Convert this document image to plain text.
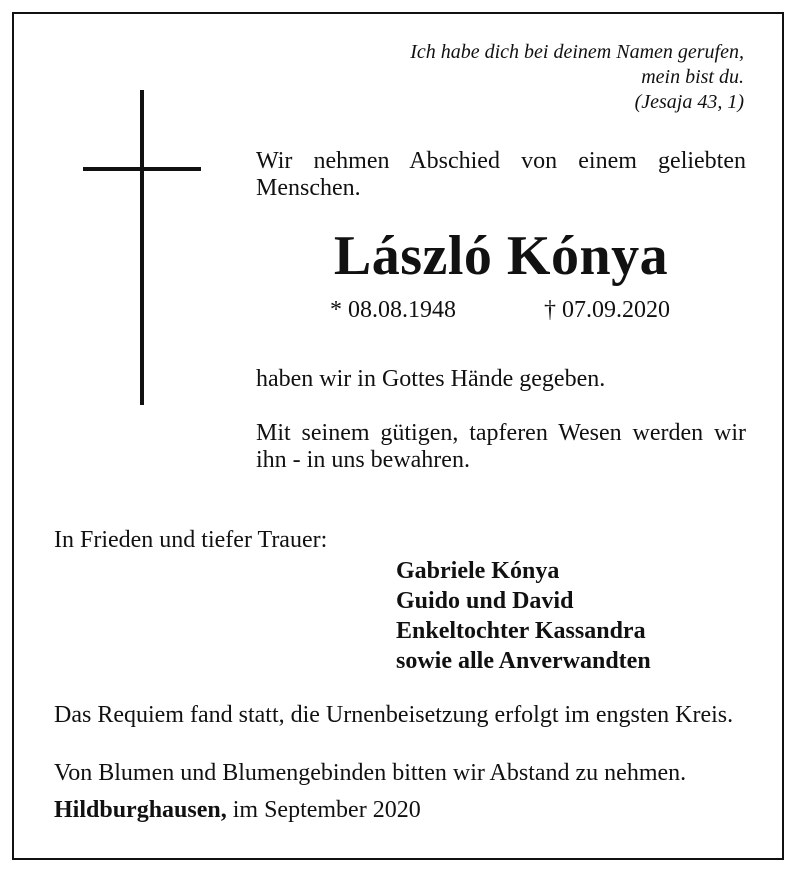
Ich habe dich bei deinem Namen gerufen,
mein bist du.
(Jesaja 43, 1)
Wir nehmen Abschied von einem geliebten Menschen.
László Kónya
* 08.08.1948	† 07.09.2020
haben wir in Gottes Hände gegeben.
Mit seinem gütigen, tapferen Wesen werden wir ihn - in uns bewahren.
In Frieden und tiefer Trauer:
Gabriele Kónya
Guido und David
Enkeltochter Kassandra
sowie alle Anverwandten
Das Requiem fand statt, die Urnenbeisetzung erfolgt im engsten Kreis.
Von Blumen und Blumengebinden bitten wir Abstand zu nehmen.
Hildburghausen, im September 2020
